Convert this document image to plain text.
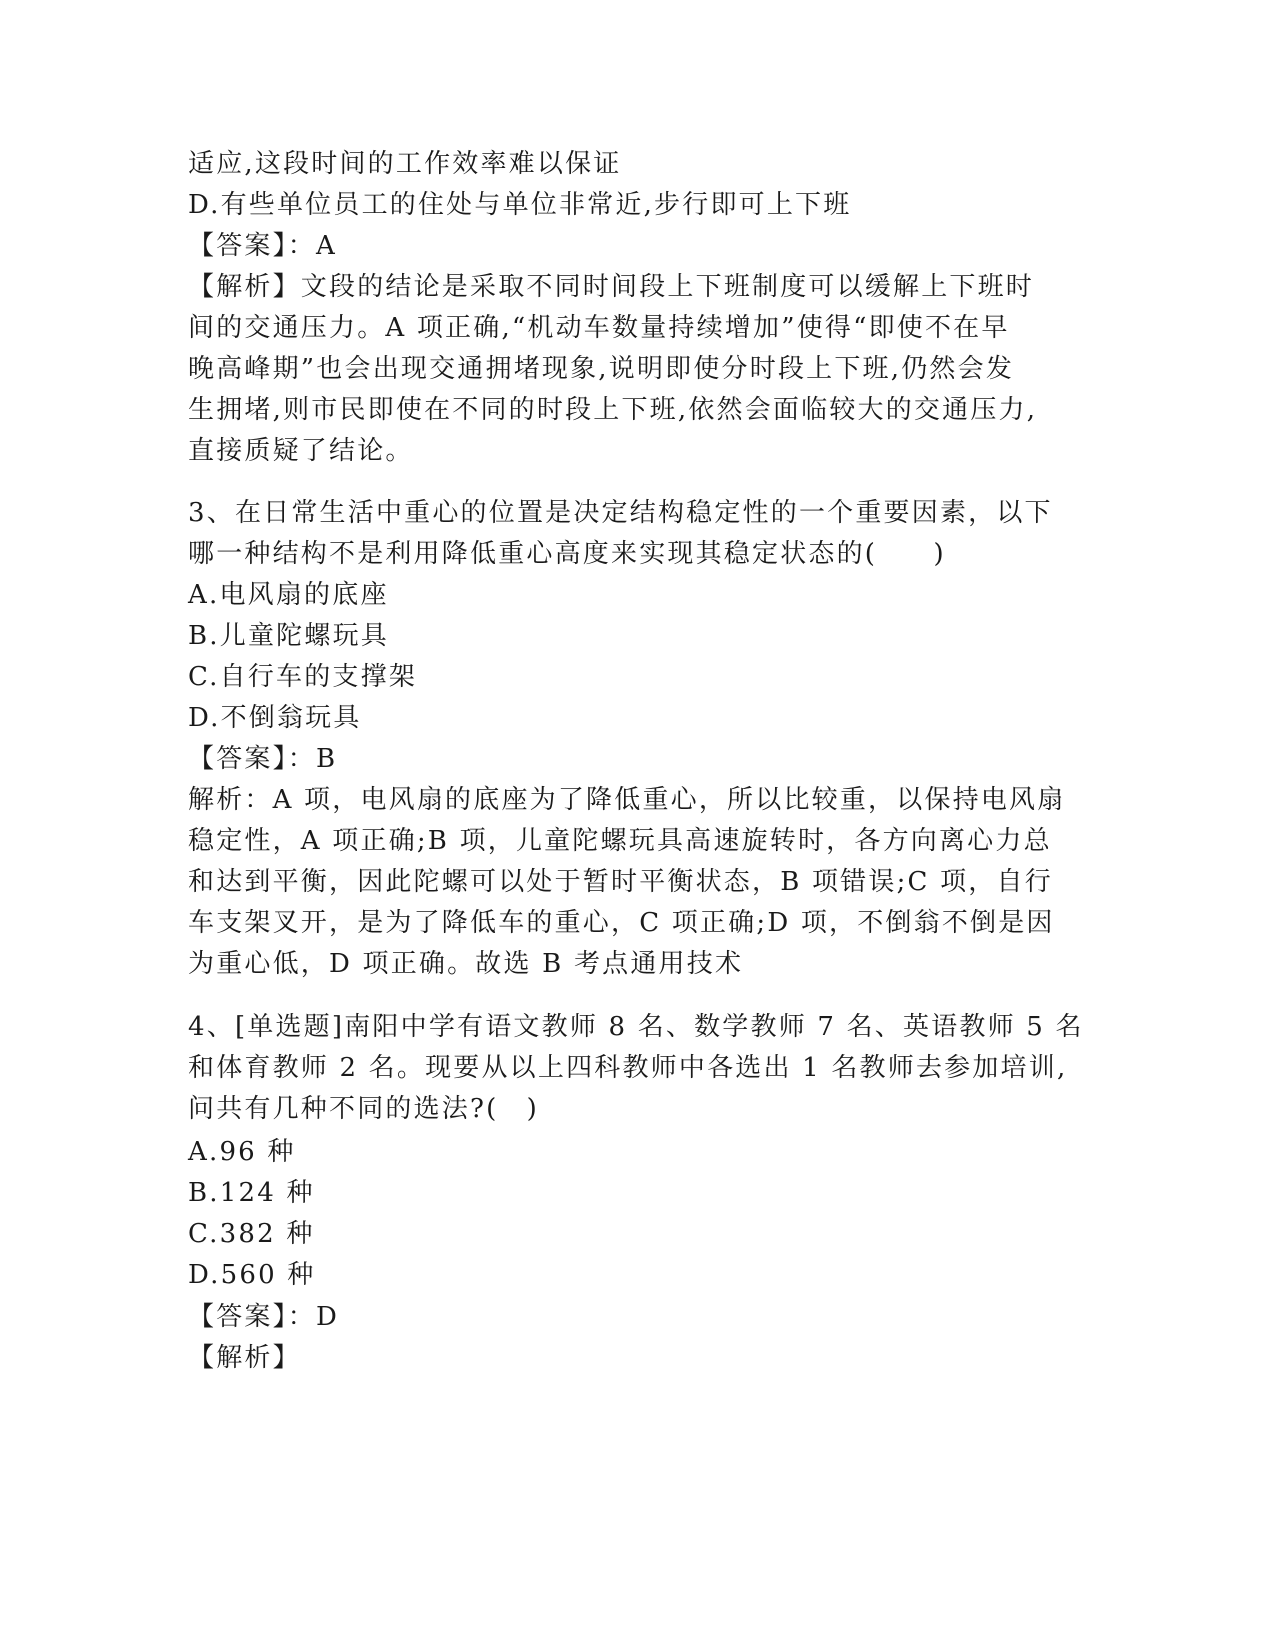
适应,这段时间的工作效率难以保证
D.有些单位员工的住处与单位非常近,步行即可上下班
【答案】：A
【解析】文段的结论是采取不同时间段上下班制度可以缓解上下班时
间的交通压力。A 项正确,“机动车数量持续增加”使得“即使不在早
晚高峰期”也会出现交通拥堵现象,说明即使分时段上下班,仍然会发
生拥堵,则市民即使在不同的时段上下班,依然会面临较大的交通压力,
直接质疑了结论。
3、在日常生活中重心的位置是决定结构稳定性的一个重要因素，以下
哪一种结构不是利用降低重心高度来实现其稳定状态的(　　)
A.电风扇的底座
B.儿童陀螺玩具
C.自行车的支撑架
D.不倒翁玩具
【答案】：B
解析：A 项，电风扇的底座为了降低重心，所以比较重，以保持电风扇
稳定性，A 项正确;B 项，儿童陀螺玩具高速旋转时，各方向离心力总
和达到平衡，因此陀螺可以处于暂时平衡状态，B 项错误;C 项，自行
车支架叉开，是为了降低车的重心，C 项正确;D 项，不倒翁不倒是因
为重心低，D 项正确。故选 B 考点通用技术
4、[单选题]南阳中学有语文教师 8 名、数学教师 7 名、英语教师 5 名
和体育教师 2 名。现要从以上四科教师中各选出 1 名教师去参加培训,
问共有几种不同的选法?(　)
A.96 种
B.124 种
C.382 种
D.560 种
【答案】：D
【解析】
